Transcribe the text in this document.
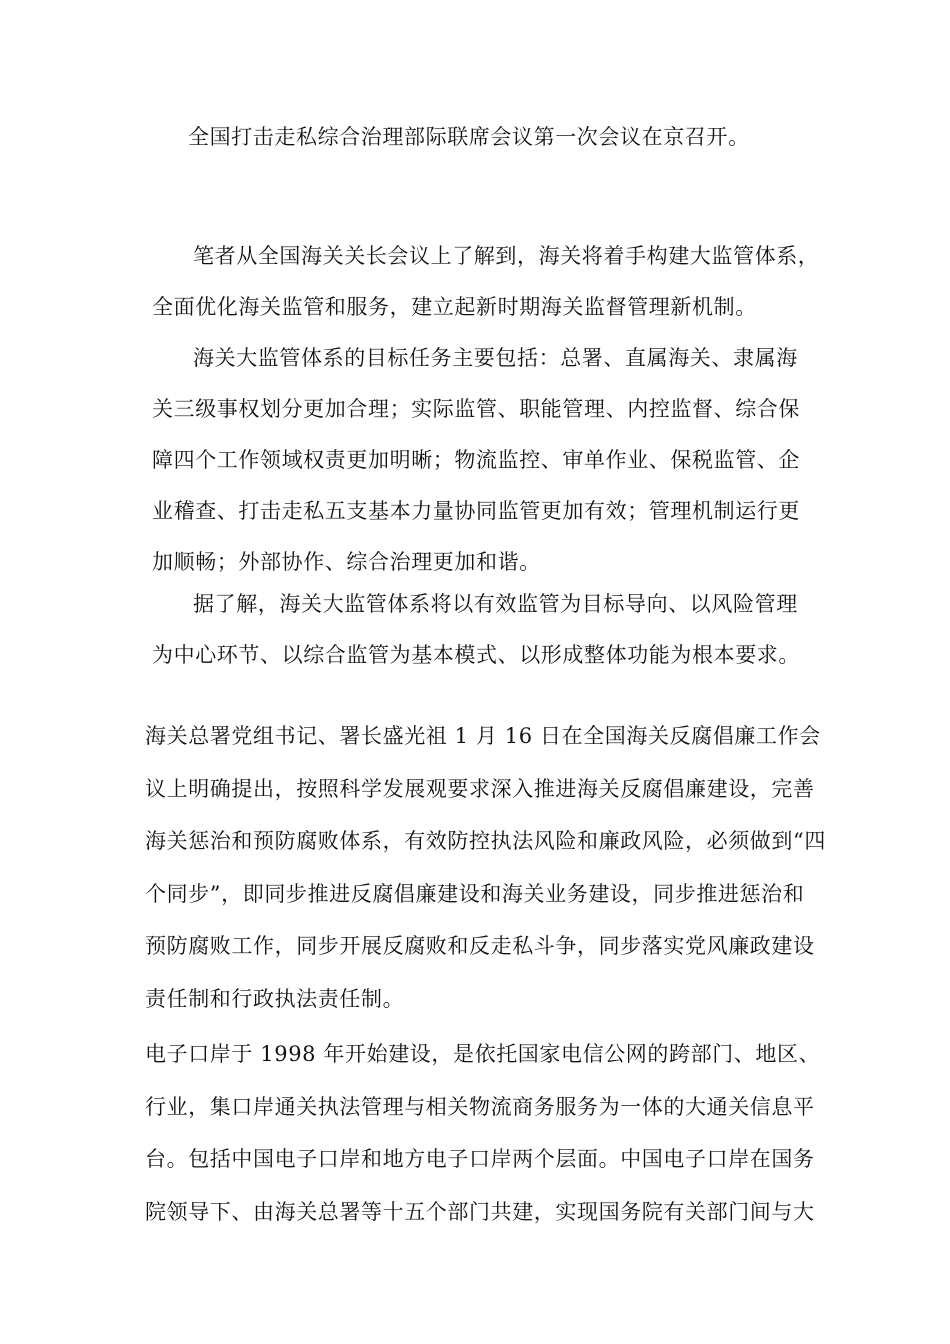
全国打击走私综合治理部际联席会议第一次会议在京召开。

笔者从全国海关关长会议上了解到，海关将着手构建大监管体系，
全面优化海关监管和服务，建立起新时期海关监督管理新机制。

海关大监管体系的目标任务主要包括：总署、直属海关、隶属海
关三级事权划分更加合理；实际监管、职能管理、内控监督、综合保
障四个工作领域权责更加明晰；物流监控、审单作业、保税监管、企
业稽查、打击走私五支基本力量协同监管更加有效；管理机制运行更
加顺畅；外部协作、综合治理更加和谐。

据了解，海关大监管体系将以有效监管为目标导向、以风险管理
为中心环节、以综合监管为基本模式、以形成整体功能为根本要求。

海关总署党组书记、署长盛光祖 1 月 16 日在全国海关反腐倡廉工作会
议上明确提出，按照科学发展观要求深入推进海关反腐倡廉建设，完善
海关惩治和预防腐败体系，有效防控执法风险和廉政风险，必须做到“四
个同步”，即同步推进反腐倡廉建设和海关业务建设，同步推进惩治和
预防腐败工作，同步开展反腐败和反走私斗争，同步落实党风廉政建设
责任制和行政执法责任制。

电子口岸于 1998 年开始建设，是依托国家电信公网的跨部门、地区、
行业，集口岸通关执法管理与相关物流商务服务为一体的大通关信息平
台。包括中国电子口岸和地方电子口岸两个层面。中国电子口岸在国务
院领导下、由海关总署等十五个部门共建，实现国务院有关部门间与大
